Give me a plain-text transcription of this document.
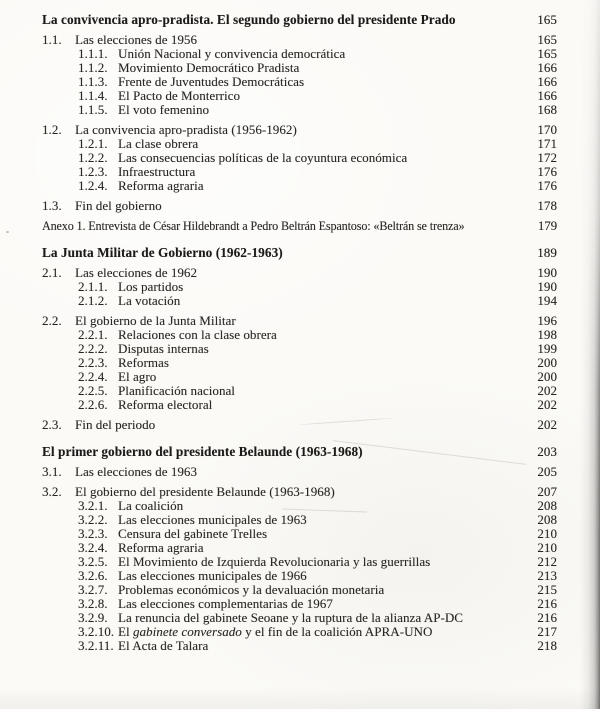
La convivencia apro-pradista. El segundo gobierno del presidente Prado	165
1.1.	Las elecciones de 1956	165
1.1.1. Unión Nacional y convivencia democrática	165
1.1.2. Movimiento Democrático Pradista	166
1.1.3. Frente de Juventudes Democráticas	166
1.1.4. El Pacto de Monterrico	166
1.1.5. El voto femenino	168
1.2.	La convivencia apro-pradista (1956-1962)	170
1.2.1. La clase obrera	171
1.2.2. Las consecuencias políticas de la coyuntura económica	172
1.2.3. Infraestructura	176
1.2.4. Reforma agraria	176
1.3.	Fin del gobierno	178
Anexo 1. Entrevista de César Hildebrandt a Pedro Beltrán Espantoso: «Beltrán se trenza»	179
La Junta Militar de Gobierno (1962-1963)	189
2.1.	Las elecciones de 1962	190
2.1.1. Los partidos	190
2.1.2. La votación	194
2.2.	El gobierno de la Junta Militar	196
2.2.1. Relaciones con la clase obrera	198
2.2.2. Disputas internas	199
2.2.3. Reformas	200
2.2.4. El agro	200
2.2.5. Planificación nacional	202
2.2.6. Reforma electoral	202
2.3.	Fin del periodo	202
El primer gobierno del presidente Belaunde (1963-1968)	203
3.1.	Las elecciones de 1963	205
3.2.	El gobierno del presidente Belaunde (1963-1968)	207
3.2.1. La coalición	208
3.2.2. Las elecciones municipales de 1963	208
3.2.3. Censura del gabinete Trelles	210
3.2.4. Reforma agraria	210
3.2.5. El Movimiento de Izquierda Revolucionaria y las guerrillas	212
3.2.6. Las elecciones municipales de 1966	213
3.2.7. Problemas económicos y la devaluación monetaria	215
3.2.8. Las elecciones complementarias de 1967	216
3.2.9. La renuncia del gabinete Seoane y la ruptura de la alianza AP-DC	216
3.2.10. El gabinete conversado y el fin de la coalición APRA-UNO	217
3.2.11. El Acta de Talara	218
